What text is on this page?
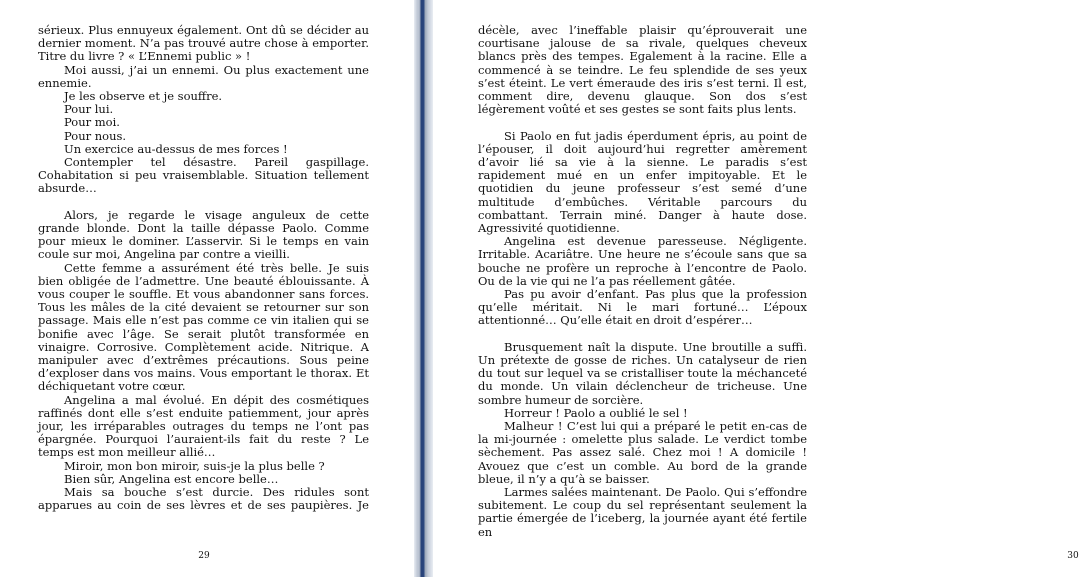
sérieux. Plus ennuyeux également. Ont dû se décider au dernier moment. N’a pas trouvé autre chose à emporter. Titre du livre ? « L’Ennemi public » !

Moi aussi, j’ai un ennemi. Ou plus exactement une ennemie.

Je les observe et je souffre.

Pour lui.

Pour moi.

Pour nous.

Un exercice au-dessus de mes forces !

Contempler tel désastre. Pareil gaspillage. Cohabitation si peu vraisemblable. Situation tellement absurde…

Alors, je regarde le visage anguleux de cette grande blonde. Dont la taille dépasse Paolo. Comme pour mieux le dominer. L’asservir. Si le temps en vain coule sur moi, Angelina par contre a vieilli.

Cette femme a assurément été très belle. Je suis bien obligée de l’admettre. Une beauté éblouissante. À vous couper le souffle. Et vous abandonner sans forces. Tous les mâles de la cité devaient se retourner sur son passage. Mais elle n’est pas comme ce vin italien qui se bonifie avec l’âge. Se serait plutôt transformée en vinaigre. Corrosive. Complètement acide. Nitrique. A manipuler avec d’extrêmes précautions. Sous peine d’exploser dans vos mains. Vous emportant le thorax. Et déchiquetant votre cœur.

Angelina a mal évolué. En dépit des cosmétiques raffinés dont elle s’est enduite patiemment, jour après jour, les irréparables outrages du temps ne l’ont pas épargnée. Pourquoi l’auraient-ils fait du reste ? Le temps est mon meilleur allié…

Miroir, mon bon miroir, suis-je la plus belle ?

Bien sûr, Angelina est encore belle…

Mais sa bouche s’est durcie. Des ridules sont apparues au coin de ses lèvres et de ses paupières. Je

29

décèle, avec l’ineffable plaisir qu’éprouverait une courtisane jalouse de sa rivale, quelques cheveux blancs près des tempes. Egalement à la racine. Elle a commencé à se teindre. Le feu splendide de ses yeux s’est éteint. Le vert émeraude des iris s’est terni. Il est, comment dire, devenu glauque. Son dos s’est légèrement voûté et ses gestes se sont faits plus lents.

Si Paolo en fut jadis éperdument épris, au point de l’épouser, il doit aujourd’hui regretter amèrement d’avoir lié sa vie à la sienne. Le paradis s’est rapidement mué en un enfer impitoyable. Et le quotidien du jeune professeur s’est semé d’une multitude d’embûches. Véritable parcours du combattant. Terrain miné. Danger à haute dose. Agressivité quotidienne.

Angelina est devenue paresseuse. Négligente. Irritable. Acariâtre. Une heure ne s’écoule sans que sa bouche ne profère un reproche à l’encontre de Paolo. Ou de la vie qui ne l’a pas réellement gâtée.

Pas pu avoir d’enfant. Pas plus que la profession qu’elle méritait. Ni le mari fortuné… L’époux attentionné… Qu’elle était en droit d’espérer…

Brusquement naît la dispute. Une broutille a suffi. Un prétexte de gosse de riches. Un catalyseur de rien du tout sur lequel va se cristalliser toute la méchanceté du monde. Un vilain déclencheur de tricheuse. Une sombre humeur de sorcière.

Horreur ! Paolo a oublié le sel !

Malheur ! C’est lui qui a préparé le petit en-cas de la mi-journée : omelette plus salade. Le verdict tombe sèchement. Pas assez salé. Chez moi ! A domicile ! Avouez que c’est un comble. Au bord de la grande bleue, il n’y a qu’à se baisser.

Larmes salées maintenant. De Paolo. Qui s’effondre subitement. Le coup du sel représentant seulement la partie émergée de l’iceberg, la journée ayant été fertile en

30
